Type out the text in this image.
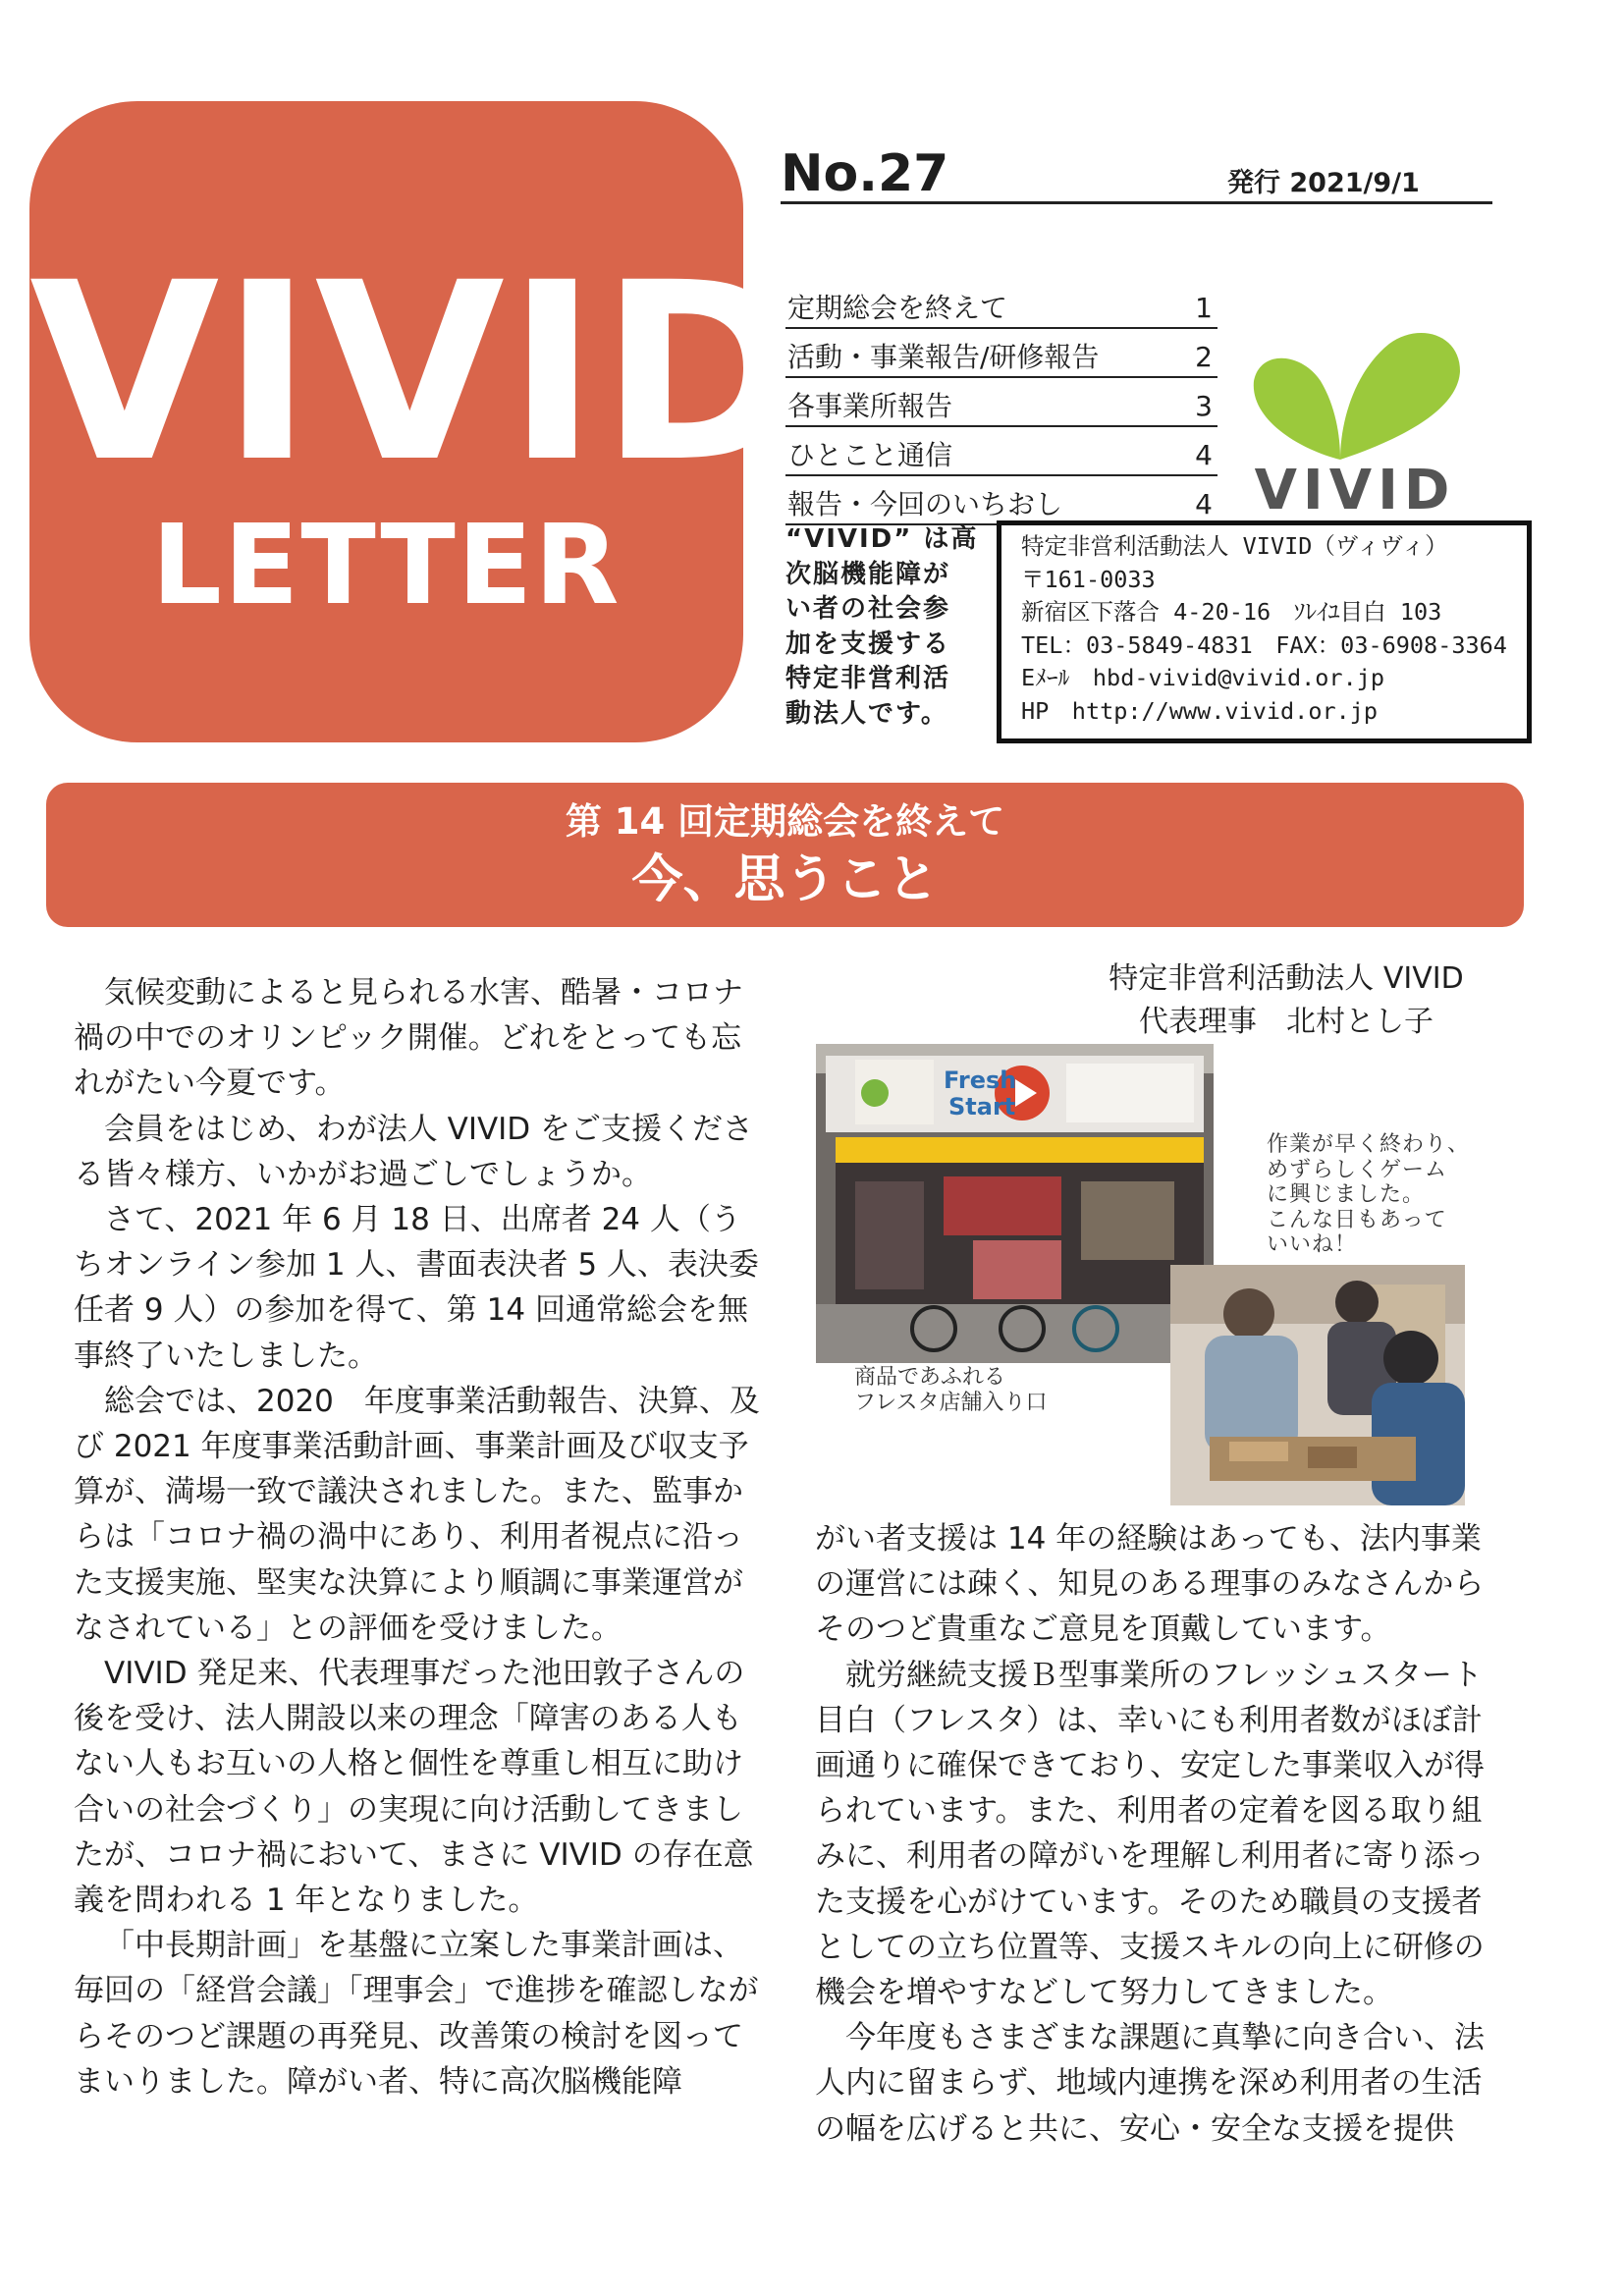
VIVID
LETTER
No.27	発行 2021/9/1
定期総会を終えて	1
活動・事業報告/研修報告	2
各事業所報告	3
ひとこと通信	4
報告・今回のいちおし	4 VIVID
“VIVID” は高
次脳機能障が
い者の社会参
加を支援する
特定非営利活
動法人です。
特定非営利活動法人 VIVID（ヴィヴィ）
〒161-0033
新宿区下落合 4-20-16　ｿﾚｲﾕ目白 103
TEL：03-5849-4831　FAX：03-6908-3364
Eﾒｰﾙ　hbd-vivid@vivid.or.jp
HP　http://www.vivid.or.jp
第 14 回定期総会を終えて
今、思うこと
特定非営利活動法人 VIVID
代表理事　北村とし子

気候変動によると見られる水害、酷暑・コロナ禍の中でのオリンピック開催。どれをとっても忘れがたい今夏です。

会員をはじめ、わが法人 VIVID をご支援くださる皆々様方、いかがお過ごしでしょうか。

さて、2021 年 6 月 18 日、出席者 24 人（うちオンライン参加 1 人、書面表決者 5 人、表決委任者 9 人）の参加を得て、第 14 回通常総会を無事終了いたしました。

総会では、2020　年度事業活動報告、決算、及び 2021 年度事業活動計画、事業計画及び収支予算が、満場一致で議決されました。また、監事からは「コロナ禍の渦中にあり、利用者視点に沿った支援実施、堅実な決算により順調に事業運営がなされている」との評価を受けました。

VIVID 発足来、代表理事だった池田敦子さんの後を受け、法人開設以来の理念「障害のある人もない人もお互いの人格と個性を尊重し相互に助け合いの社会づくり」の実現に向け活動してきましたが、コロナ禍において、まさに VIVID の存在意義を問われる 1 年となりました。

「中長期計画」を基盤に立案した事業計画は、毎回の「経営会議」「理事会」で進捗を確認しながらそのつど課題の再発見、改善策の検討を図ってまいりました。障がい者、特に高次脳機能障

がい者支援は 14 年の経験はあっても、法内事業の運営には疎く、知見のある理事のみなさんからそのつど貴重なご意見を頂戴しています。

就労継続支援Ｂ型事業所のフレッシュスタート目白（フレスタ）は、幸いにも利用者数がほぼ計画通りに確保できており、安定した事業収入が得られています。また、利用者の定着を図る取り組みに、利用者の障がいを理解し利用者に寄り添った支援を心がけています。そのため職員の支援者としての立ち位置等、支援スキルの向上に研修の機会を増やすなどして努力してきました。

今年度もさまざまな課題に真摯に向き合い、法人内に留まらず、地域内連携を深め利用者の生活の幅を広げると共に、安心・安全な支援を提供

Fresh
Start
商品であふれる
フレスタ店舗入り口
作業が早く終わり、
めずらしくゲーム
に興じました。
こんな日もあって
いいね！
